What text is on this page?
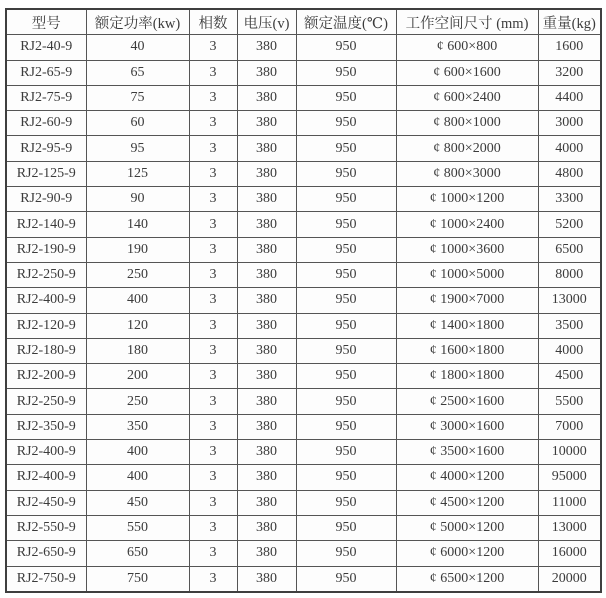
型号	额定功率(kw)	相数	电压(v)	额定温度(℃)	工作空间尺寸 (mm)	重量(kg)
RJ2-40-9	40	3	380	950	¢ 600×800	1600
RJ2-65-9	65	3	380	950	¢ 600×1600	3200
RJ2-75-9	75	3	380	950	¢ 600×2400	4400
RJ2-60-9	60	3	380	950	¢ 800×1000	3000
RJ2-95-9	95	3	380	950	¢ 800×2000	4000
RJ2-125-9	125	3	380	950	¢ 800×3000	4800
RJ2-90-9	90	3	380	950	¢ 1000×1200	3300
RJ2-140-9	140	3	380	950	¢ 1000×2400	5200
RJ2-190-9	190	3	380	950	¢ 1000×3600	6500
RJ2-250-9	250	3	380	950	¢ 1000×5000	8000
RJ2-400-9	400	3	380	950	¢ 1900×7000	13000
RJ2-120-9	120	3	380	950	¢ 1400×1800	3500
RJ2-180-9	180	3	380	950	¢ 1600×1800	4000
RJ2-200-9	200	3	380	950	¢ 1800×1800	4500
RJ2-250-9	250	3	380	950	¢ 2500×1600	5500
RJ2-350-9	350	3	380	950	¢ 3000×1600	7000
RJ2-400-9	400	3	380	950	¢ 3500×1600	10000
RJ2-400-9	400	3	380	950	¢ 4000×1200	95000
RJ2-450-9	450	3	380	950	¢ 4500×1200	11000
RJ2-550-9	550	3	380	950	¢ 5000×1200	13000
RJ2-650-9	650	3	380	950	¢ 6000×1200	16000
RJ2-750-9	750	3	380	950	¢ 6500×1200	20000
